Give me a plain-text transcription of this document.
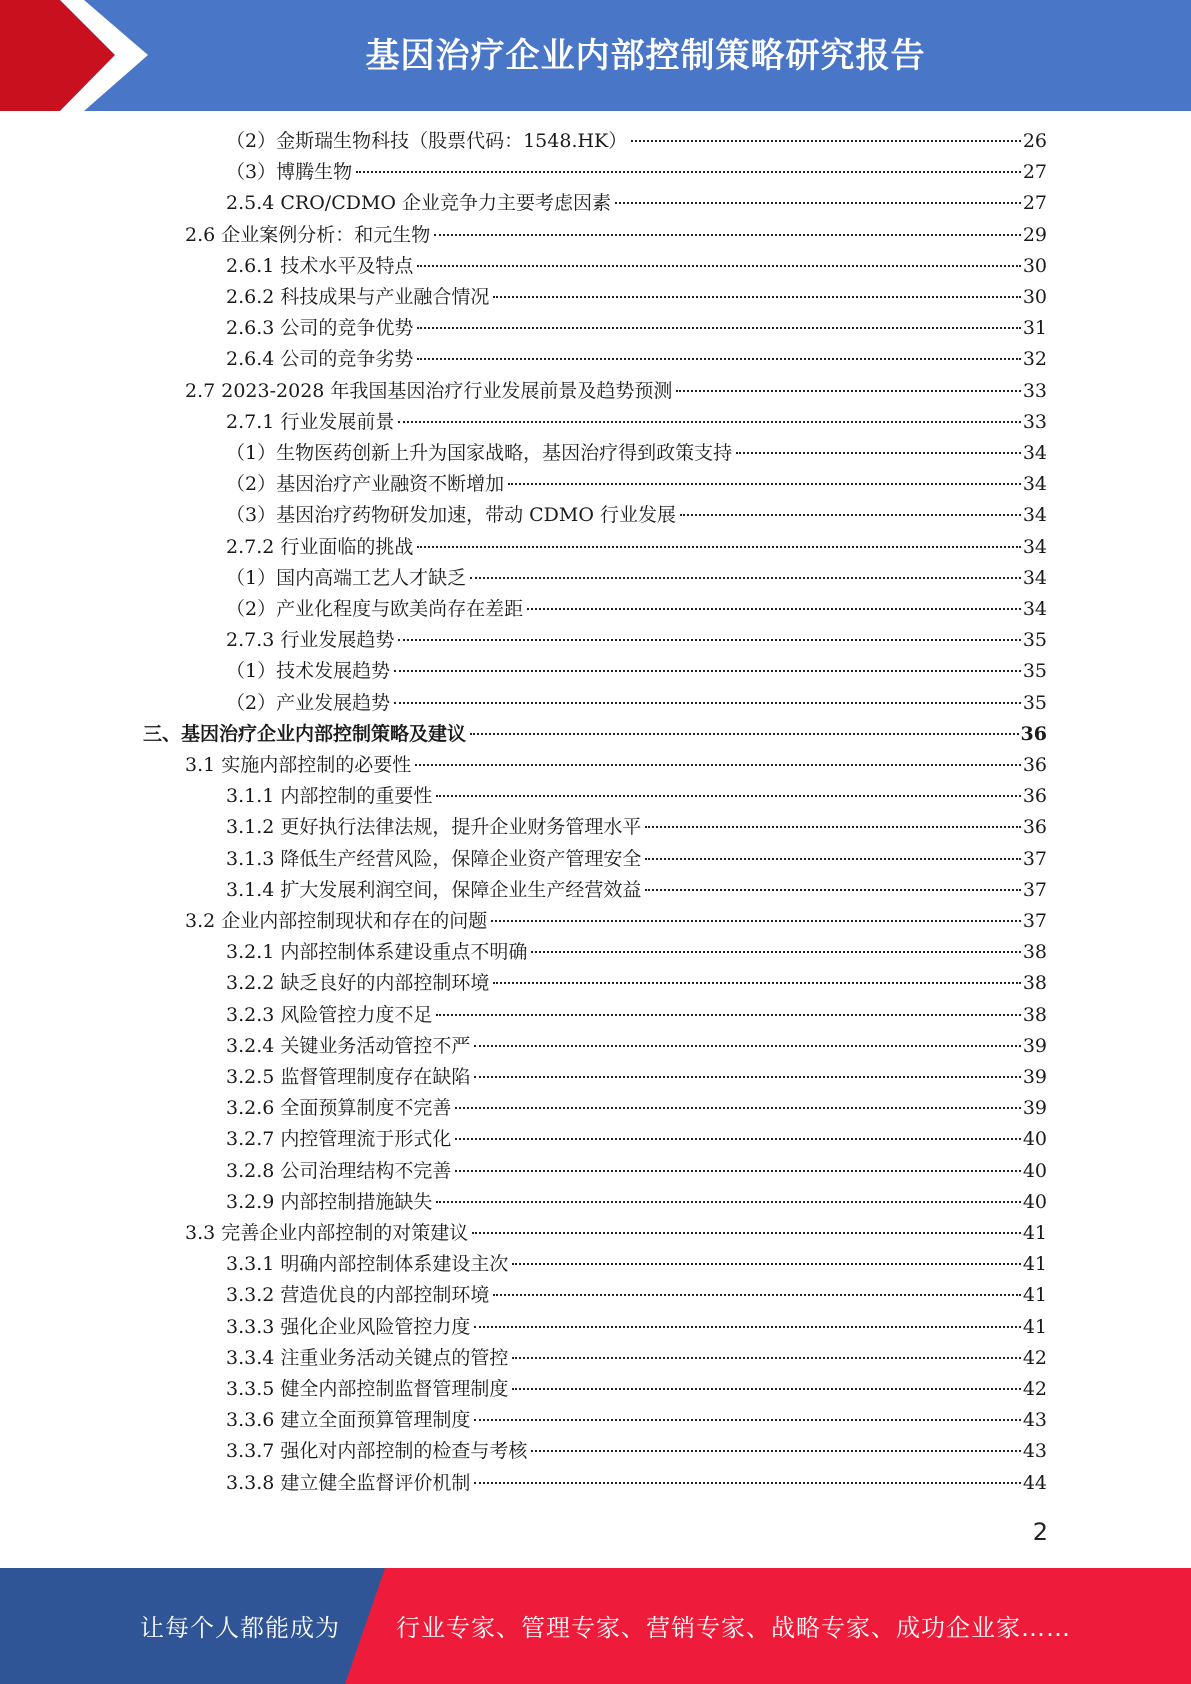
基因治疗企业内部控制策略研究报告
（2）金斯瑞生物科技（股票代码：1548.HK）	26
（3）博腾生物	27
2.5.4 CRO/CDMO 企业竞争力主要考虑因素	27
2.6 企业案例分析：和元生物	29
2.6.1 技术水平及特点	30
2.6.2 科技成果与产业融合情况	30
2.6.3 公司的竞争优势	31
2.6.4 公司的竞争劣势	32
2.7 2023-2028 年我国基因治疗行业发展前景及趋势预测	33
2.7.1 行业发展前景	33
（1）生物医药创新上升为国家战略，基因治疗得到政策支持	34
（2）基因治疗产业融资不断增加	34
（3）基因治疗药物研发加速，带动 CDMO 行业发展	34
2.7.2 行业面临的挑战	34
（1）国内高端工艺人才缺乏	34
（2）产业化程度与欧美尚存在差距	34
2.7.3 行业发展趋势	35
（1）技术发展趋势	35
（2）产业发展趋势	35
三、基因治疗企业内部控制策略及建议	36
3.1 实施内部控制的必要性	36
3.1.1 内部控制的重要性	36
3.1.2 更好执行法律法规，提升企业财务管理水平	36
3.1.3 降低生产经营风险，保障企业资产管理安全	37
3.1.4 扩大发展利润空间，保障企业生产经营效益	37
3.2 企业内部控制现状和存在的问题	37
3.2.1 内部控制体系建设重点不明确	38
3.2.2 缺乏良好的内部控制环境	38
3.2.3 风险管控力度不足	38
3.2.4 关键业务活动管控不严	39
3.2.5 监督管理制度存在缺陷	39
3.2.6 全面预算制度不完善	39
3.2.7 内控管理流于形式化	40
3.2.8 公司治理结构不完善	40
3.2.9 内部控制措施缺失	40
3.3 完善企业内部控制的对策建议	41
3.3.1 明确内部控制体系建设主次	41
3.3.2 营造优良的内部控制环境	41
3.3.3 强化企业风险管控力度	41
3.3.4 注重业务活动关键点的管控	42
3.3.5 健全内部控制监督管理制度	42
3.3.6 建立全面预算管理制度	43
3.3.7 强化对内部控制的检查与考核	43
3.3.8 建立健全监督评价机制	44
2
让每个人都能成为 行业专家、管理专家、营销专家、战略专家、成功企业家……
